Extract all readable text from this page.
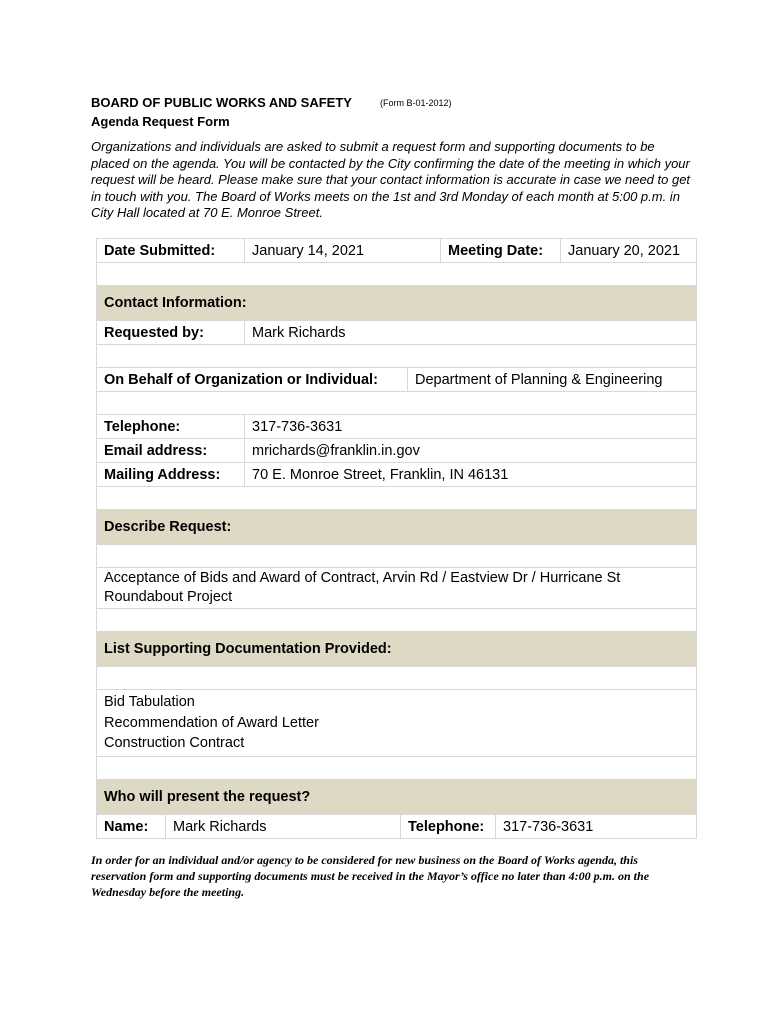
BOARD OF PUBLIC WORKS AND SAFETY	(Form B-01-2012)
Agenda Request Form
Organizations and individuals are asked to submit a request form and supporting documents to be placed on the agenda. You will be contacted by the City confirming the date of the meeting in which your request will be heard. Please make sure that your contact information is accurate in case we need to get in touch with you. The Board of Works meets on the 1st and 3rd Monday of each month at 5:00 p.m. in City Hall located at 70 E. Monroe Street.
Date Submitted:	January 14, 2021	Meeting Date:	January 20, 2021

Contact Information:			
Requested by:	Mark Richards		

On Behalf of Organization or Individual: Department of Planning & Engineering			

Telephone:	317-736-3631		
Email address:	mrichards@franklin.in.gov		
Mailing Address:	70 E. Monroe Street, Franklin, IN 46131		

Describe Request:			

Acceptance of Bids and Award of Contract, Arvin Rd / Eastview Dr / Hurricane St
Roundabout Project			

List Supporting Documentation Provided:			

Bid Tabulation
Recommendation of Award Letter
Construction Contract			

Who will present the request?			

Name: Mark Richards Telephone: 317-736-3631			
In order for an individual and/or agency to be considered for new business on the Board of Works agenda, this reservation form and supporting documents must be received in the Mayor’s office no later than 4:00 p.m. on the Wednesday before the meeting.
